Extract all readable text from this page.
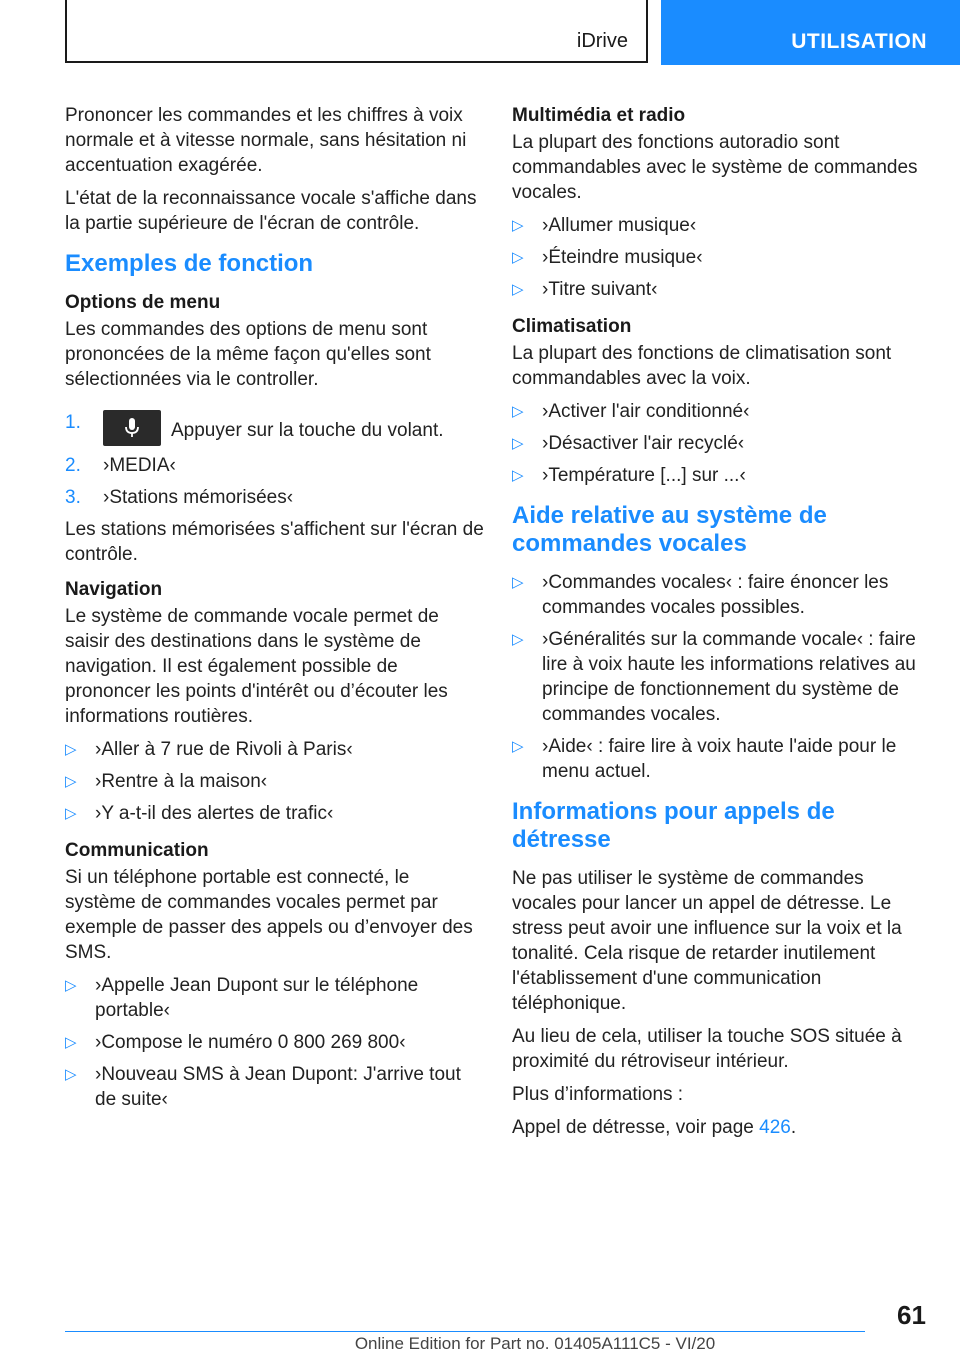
iDrive	UTILISATION

Prononcer les commandes et les chiffres à voix normale et à vitesse normale, sans hésitation ni accentuation exagérée.

L'état de la reconnaissance vocale s'affiche dans la partie supérieure de l'écran de contrôle.

Exemples de fonction
Options de menu

Les commandes des options de menu sont prononcées de la même façon qu'elles sont sélectionnées via le controller.

1.	Appuyer sur la touche du volant.
2. ›MEDIA‹
3. ›Stations mémorisées‹

Les stations mémorisées s'affichent sur l'écran de contrôle.

Navigation

Le système de commande vocale permet de saisir des destinations dans le système de navigation. Il est également possible de prononcer les points d'intérêt ou d’écouter les informations routières.

▷ ›Aller à 7 rue de Rivoli à Paris‹
▷ ›Rentre à la maison‹
▷ ›Y a-t-il des alertes de trafic‹
Communication

Si un téléphone portable est connecté, le système de commandes vocales permet par exemple de passer des appels ou d’envoyer des SMS.

▷ ›Appelle Jean Dupont sur le téléphone portable‹
▷ ›Compose le numéro 0 800 269 800‹
▷ ›Nouveau SMS à Jean Dupont: J'arrive tout de suite‹
Multimédia et radio

La plupart des fonctions autoradio sont commandables avec le système de commandes vocales.

▷ ›Allumer musique‹
▷ ›Éteindre musique‹
▷ ›Titre suivant‹
Climatisation

La plupart des fonctions de climatisation sont commandables avec la voix.

▷ ›Activer l'air conditionné‹
▷ ›Désactiver l'air recyclé‹
▷ ›Température [...] sur ...‹
Aide relative au système de commandes vocales
▷ ›Commandes vocales‹ : faire énoncer les commandes vocales possibles.
▷ ›Généralités sur la commande vocale‹ : faire lire à voix haute les informations relatives au principe de fonctionnement du système de commandes vocales.
▷ ›Aide‹ : faire lire à voix haute l'aide pour le menu actuel.
Informations pour appels de détresse

Ne pas utiliser le système de commandes vocales pour lancer un appel de détresse. Le stress peut avoir une influence sur la voix et la tonalité. Cela risque de retarder inutilement l'établissement d'une communication téléphonique.

Au lieu de cela, utiliser la touche SOS située à proximité du rétroviseur intérieur.

Plus d’informations :

Appel de détresse, voir page 426.

61
Online Edition for Part no. 01405A111C5 - VI/20
